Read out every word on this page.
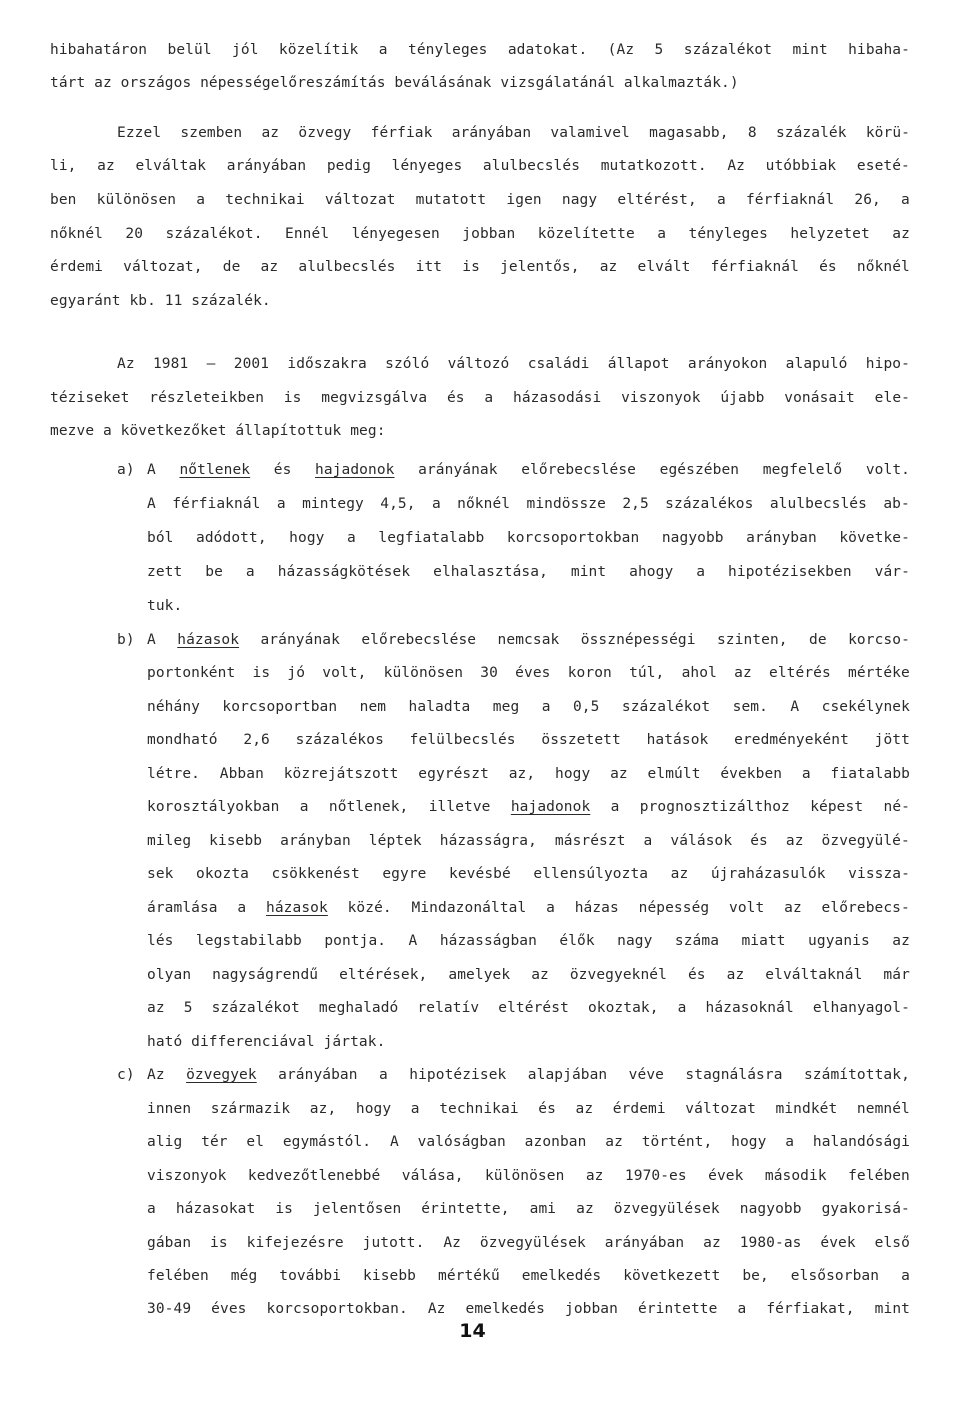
hibahatáron belül jól közelítik a tényleges adatokat. (Az 5 százalékot mint hibaha-
tárt az országos népességelőreszámítás beválásának vizsgálatánál alkalmazták.)
Ezzel szemben az özvegy férfiak arányában valamivel magasabb, 8 százalék körü-
li, az elváltak arányában pedig lényeges alulbecslés mutatkozott. Az utóbbiak eseté-
ben különösen a technikai változat mutatott igen nagy eltérést, a férfiaknál 26, a
nőknél 20 százalékot. Ennél lényegesen jobban közelítette a tényleges helyzetet az
érdemi változat, de az alulbecslés itt is jelentős, az elvált férfiaknál és nőknél
egyaránt kb. 11 százalék.
Az 1981 – 2001 időszakra szóló változó családi állapot arányokon alapuló hipo-
téziseket részleteikben is megvizsgálva és a házasodási viszonyok újabb vonásait ele-
mezve a következőket állapítottuk meg:
a) A nőtlenek és hajadonok arányának előrebecslése egészében megfelelő volt.
A férfiaknál a mintegy 4,5, a nőknél mindössze 2,5 százalékos alulbecslés ab-
ból adódott, hogy a legfiatalabb korcsoportokban nagyobb arányban követke-
zett be a házasságkötések elhalasztása, mint ahogy a hipotézisekben vár-
tuk.
b) A házasok arányának előrebecslése nemcsak össznépességi szinten, de korcso-
portonként is jó volt, különösen 30 éves koron túl, ahol az eltérés mértéke
néhány korcsoportban nem haladta meg a 0,5 százalékot sem. A csekélynek
mondható 2,6 százalékos felülbecslés összetett hatások eredményeként jött
létre. Abban közrejátszott egyrészt az, hogy az elmúlt években a fiatalabb
korosztályokban a nőtlenek, illetve hajadonok a prognosztizálthoz képest né-
mileg kisebb arányban léptek házasságra, másrészt a válások és az özvegyülé-
sek okozta csökkenést egyre kevésbé ellensúlyozta az újraházasulók vissza-
áramlása a házasok közé. Mindazonáltal a házas népesség volt az előrebecs-
lés legstabilabb pontja. A házasságban élők nagy száma miatt ugyanis az
olyan nagyságrendű eltérések, amelyek az özvegyeknél és az elváltaknál már
az 5 százalékot meghaladó relatív eltérést okoztak, a házasoknál elhanyagol-
ható differenciával jártak.
c) Az özvegyek arányában a hipotézisek alapjában véve stagnálásra számítottak,
innen származik az, hogy a technikai és az érdemi változat mindkét nemnél
alig tér el egymástól. A valóságban azonban az történt, hogy a halandósági
viszonyok kedvezőtlenebbé válása, különösen az 1970-es évek második felében
a házasokat is jelentősen érintette, ami az özvegyülések nagyobb gyakorisá-
gában is kifejezésre jutott. Az özvegyülések arányában az 1980-as évek első
felében még további kisebb mértékű emelkedés következett be, elsősorban a
30-49 éves korcsoportokban. Az emelkedés jobban érintette a férfiakat, mint
14
